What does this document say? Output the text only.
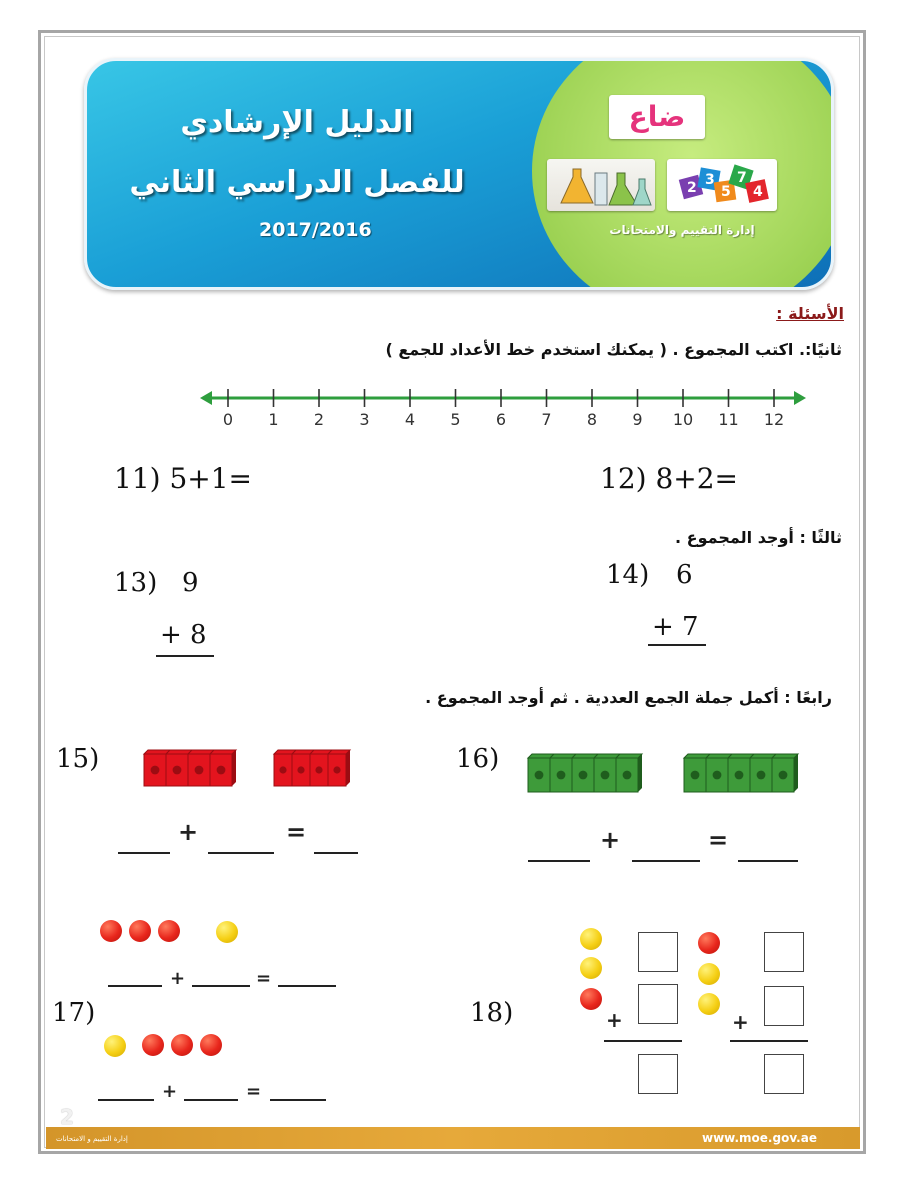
ضاع
2 3
5
7
4
إدارة التقييم والامتحانات
الدليل الإرشادي
للفصل الدراسي الثاني
2017/2016
الأسئلة :
ثانيًا:. اكتب المجموع . ( يمكنك استخدم خط الأعداد للجمع )
0	1	2	3	4	5	6	7	8	9	10	11	12
11) 5+1=	12) 8+2=
ثالثًا : أوجد المجموع .
13) 9
+ 8
14) 6
+ 7
رابعًا : أكمل جملة الجمع العددية . ثم أوجد المجموع .
15)
+	=
16)
+	=
+	=
17)
+	=
18)	+	+
2
إدارة التقييم و الامتحانات	www.moe.gov.ae
